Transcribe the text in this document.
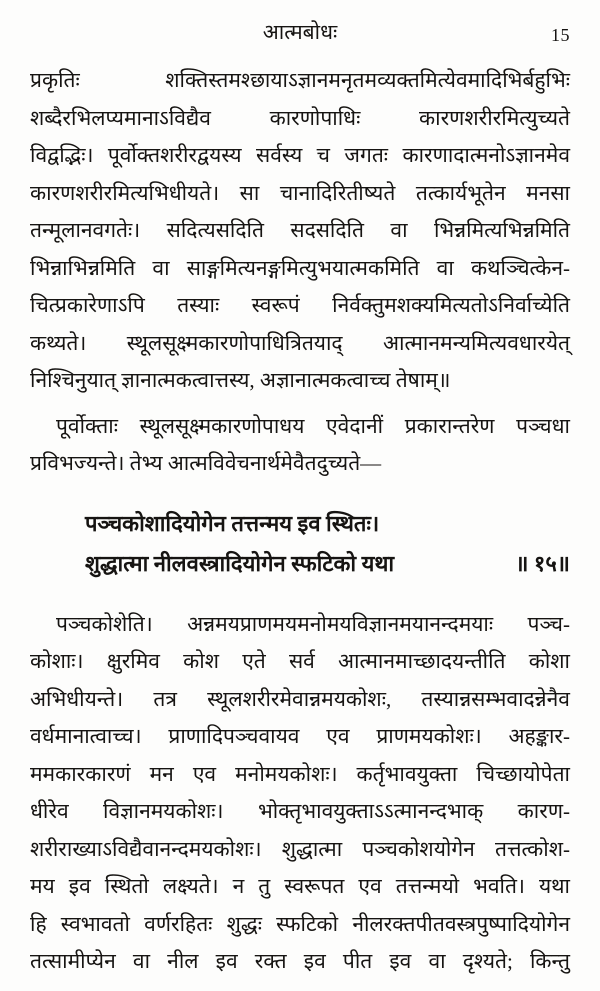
आत्मबोधः	15
प्रकृतिः शक्तिस्तमश्छायाऽज्ञानमनृतमव्यक्तमित्येवमादिभिर्बहुभिः
शब्दैरभिलप्यमानाऽविद्यैव कारणोपाधिः कारणशरीरमित्युच्यते
विद्वद्भिः। पूर्वोक्तशरीरद्वयस्य सर्वस्य च जगतः कारणादात्मनोऽज्ञानमेव
कारणशरीरमित्यभिधीयते। सा चानादिरितीष्यते तत्कार्यभूतेन मनसा
तन्मूलानवगतेः। सदित्यसदिति सदसदिति वा भिन्नमित्यभिन्नमिति
भिन्नाभिन्नमिति वा साङ्गमित्यनङ्गमित्युभयात्मकमिति वा कथञ्चित्केन-
चित्प्रकारेणाऽपि तस्याः स्वरूपं निर्वक्तुमशक्यमित्यतोऽनिर्वाच्येति
कथ्यते। स्थूलसूक्ष्मकारणोपाधित्रितयाद् आत्मानमन्यमित्यवधारयेत्
निश्चिनुयात् ज्ञानात्मकत्वात्तस्य, अज्ञानात्मकत्वाच्च तेषाम्॥
पूर्वोक्ताः स्थूलसूक्ष्मकारणोपाधय एवेदानीं प्रकारान्तरेण पञ्चधा
प्रविभज्यन्ते। तेभ्य आत्मविवेचनार्थमेवैतदुच्यते—
पञ्चकोशादियोगेन तत्तन्मय इव स्थितः।
शुद्धात्मा नीलवस्त्रादियोगेन स्फटिको यथा	॥ १५॥
पञ्चकोशेति। अन्नमयप्राणमयमनोमयविज्ञानमयानन्दमयाः पञ्च-
कोशाः। क्षुरमिव कोश एते सर्व आत्मानमाच्छादयन्तीति कोशा
अभिधीयन्ते। तत्र स्थूलशरीरमेवान्नमयकोशः, तस्यान्नसम्भवादन्नेनैव
वर्धमानात्वाच्च। प्राणादिपञ्चवायव एव प्राणमयकोशः। अहङ्कार-
ममकारकारणं मन एव मनोमयकोशः। कर्तृभावयुक्ता चिच्छायोपेता
धीरेव विज्ञानमयकोशः। भोक्तृभावयुक्ताऽऽत्मानन्दभाक् कारण-
शरीराख्याऽविद्यैवानन्दमयकोशः। शुद्धात्मा पञ्चकोशयोगेन तत्तत्कोश-
मय इव स्थितो लक्ष्यते। न तु स्वरूपत एव तत्तन्मयो भवति। यथा
हि स्वभावतो वर्णरहितः शुद्धः स्फटिको नीलरक्तपीतवस्त्रपुष्पादियोगेन
तत्सामीप्येन वा नील इव रक्त इव पीत इव वा दृश्यते; किन्तु
